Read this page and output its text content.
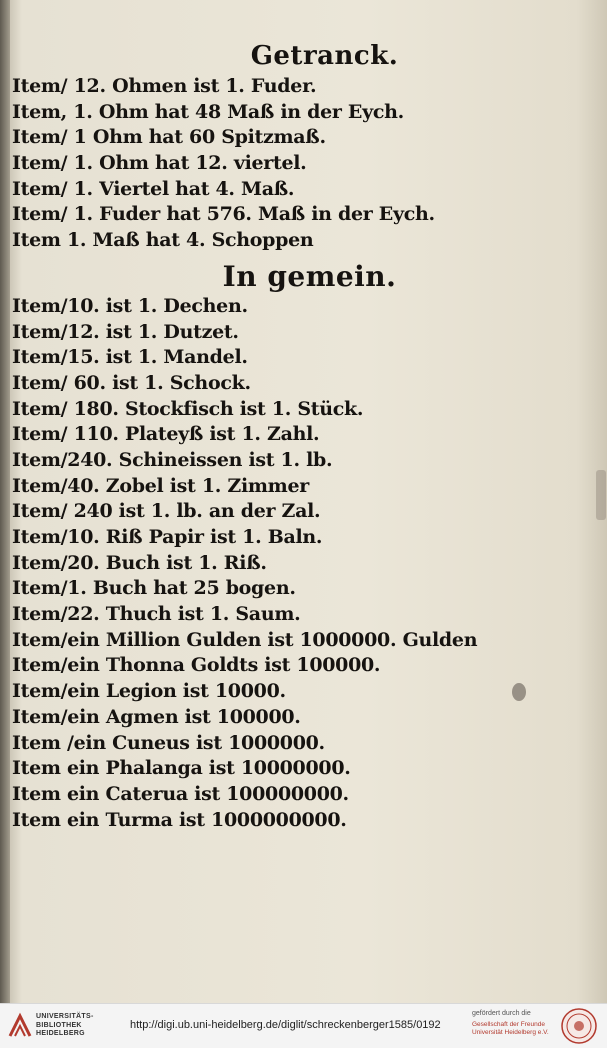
Getranck.
Item/ 12. Ohmen ist 1. Fuder.
Item, 1. Ohm hat 48 Maß in der Eych.
Item/ 1 Ohm hat 60 Spitzmaß.
Item/ 1. Ohm hat 12. viertel.
Item/ 1. Viertel hat 4. Maß.
Item/ 1. Fuder hat 576. Maß in der Eych.
Item 1. Maß hat 4. Schoppen
In gemein.
Item/10. ist 1. Dechen.
Item/12. ist 1. Dutzet.
Item/15. ist 1. Mandel.
Item/ 60. ist 1. Schock.
Item/ 180. Stockfisch ist 1. Stück.
Item/ 110. Plateyß ist 1. Zahl.
Item/240. Schineissen ist 1. lb.
Item/40. Zobel ist 1. Zimmer
Item/ 240 ist 1. lb. an der Zal.
Item/10. Riß Papir ist 1. Baln.
Item/20. Buch ist 1. Riß.
Item/1. Buch hat 25 bogen.
Item/22. Thuch ist 1. Saum.
Item/ein Million Gulden ist 1000000. Gulden
Item/ein Thonna Goldts ist 100000.
Item/ein Legion ist 10000.
Item/ein Agmen ist 100000.
Item /ein Cuneus ist 1000000.
Item ein Phalanga ist 10000000.
Item ein Caterua ist 100000000.
Item ein Turma ist 1000000000.
UNIVERSITÄTS-
BIBLIOTHEK
HEIDELBERG
http://digi.ub.uni-heidelberg.de/diglit/schreckenberger1585/0192
gefördert durch die
Gesellschaft der Freunde
Universität Heidelberg e.V.
